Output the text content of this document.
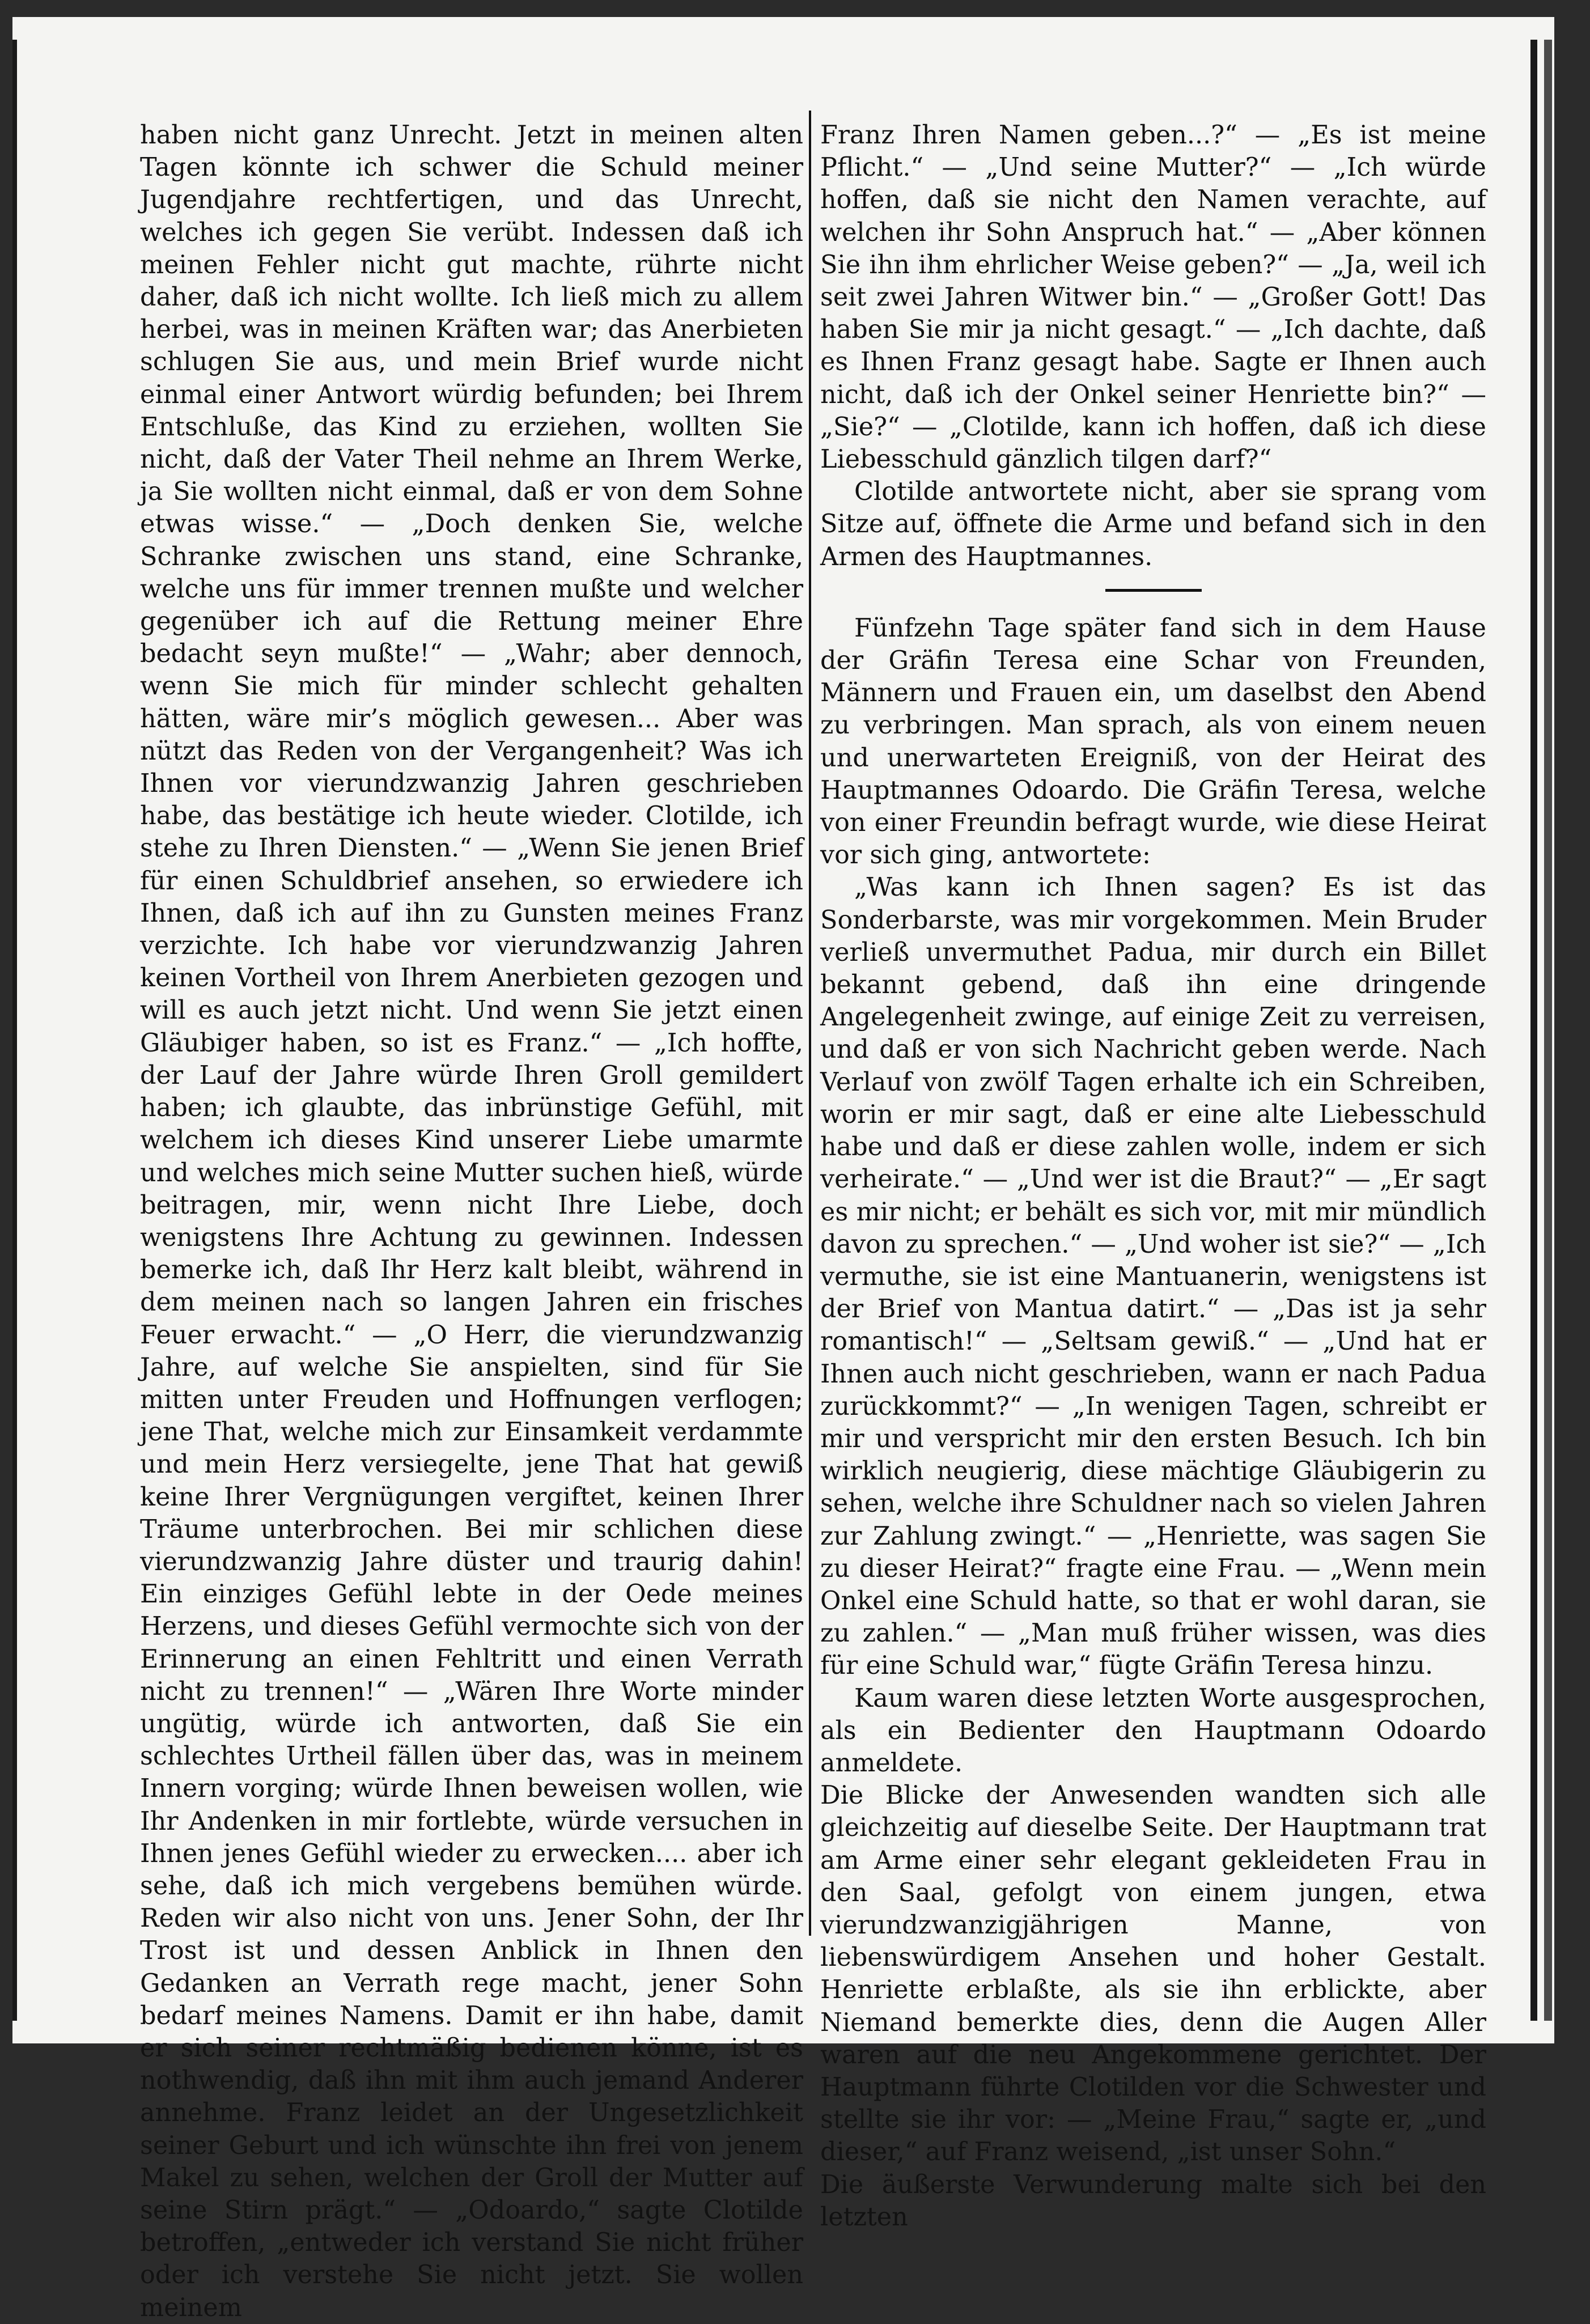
haben nicht ganz Unrecht. Jetzt in meinen alten Tagen könnte ich schwer die Schuld meiner Jugendjahre rechtfertigen, und das Unrecht, welches ich gegen Sie verübt. Indessen daß ich meinen Fehler nicht gut machte, rührte nicht daher, daß ich nicht wollte. Ich ließ mich zu allem herbei, was in meinen Kräften war; das Anerbieten schlugen Sie aus, und mein Brief wurde nicht einmal einer Antwort würdig befunden; bei Ihrem Entschluße, das Kind zu erziehen, wollten Sie nicht, daß der Vater Theil nehme an Ihrem Werke, ja Sie wollten nicht einmal, daß er von dem Sohne etwas wisse.“ — „Doch denken Sie, welche Schranke zwischen uns stand, eine Schranke, welche uns für immer trennen mußte und welcher gegenüber ich auf die Rettung meiner Ehre bedacht seyn mußte!“ — „Wahr; aber dennoch, wenn Sie mich für minder schlecht gehalten hätten, wäre mir’s möglich gewesen... Aber was nützt das Reden von der Vergangenheit? Was ich Ihnen vor vierundzwanzig Jahren geschrieben habe, das bestätige ich heute wieder. Clotilde, ich stehe zu Ihren Diensten.“ — „Wenn Sie jenen Brief für einen Schuldbrief ansehen, so erwiedere ich Ihnen, daß ich auf ihn zu Gunsten meines Franz verzichte. Ich habe vor vierundzwanzig Jahren keinen Vortheil von Ihrem Anerbieten gezogen und will es auch jetzt nicht. Und wenn Sie jetzt einen Gläubiger haben, so ist es Franz.“ — „Ich hoffte, der Lauf der Jahre würde Ihren Groll gemildert haben; ich glaubte, das inbrünstige Gefühl, mit welchem ich dieses Kind unserer Liebe umarmte und welches mich seine Mutter suchen hieß, würde beitragen, mir, wenn nicht Ihre Liebe, doch wenigstens Ihre Achtung zu gewinnen. Indessen bemerke ich, daß Ihr Herz kalt bleibt, während in dem meinen nach so langen Jahren ein frisches Feuer erwacht.“ — „O Herr, die vierundzwanzig Jahre, auf welche Sie anspielten, sind für Sie mitten unter Freuden und Hoffnungen verflogen; jene That, welche mich zur Einsamkeit verdammte und mein Herz versiegelte, jene That hat gewiß keine Ihrer Vergnügungen vergiftet, keinen Ihrer Träume unterbrochen. Bei mir schlichen diese vierundzwanzig Jahre düster und traurig dahin! Ein einziges Gefühl lebte in der Oede meines Herzens, und dieses Gefühl vermochte sich von der Erinnerung an einen Fehltritt und einen Verrath nicht zu trennen!“ — „Wären Ihre Worte minder ungütig, würde ich antworten, daß Sie ein schlechtes Urtheil fällen über das, was in meinem Innern vorging; würde Ihnen beweisen wollen, wie Ihr Andenken in mir fortlebte, würde versuchen in Ihnen jenes Gefühl wieder zu erwecken.... aber ich sehe, daß ich mich vergebens bemühen würde. Reden wir also nicht von uns. Jener Sohn, der Ihr Trost ist und dessen Anblick in Ihnen den Gedanken an Verrath rege macht, jener Sohn bedarf meines Namens. Damit er ihn habe, damit er sich seiner rechtmäßig bedienen könne, ist es nothwendig, daß ihn mit ihm auch jemand Anderer annehme. Franz leidet an der Ungesetzlichkeit seiner Geburt und ich wünschte ihn frei von jenem Makel zu sehen, welchen der Groll der Mutter auf seine Stirn prägt.“ — „Odoardo,“ sagte Clotilde betroffen, „entweder ich verstand Sie nicht früher oder ich verstehe Sie nicht jetzt. Sie wollen meinem

Franz Ihren Namen geben...?“ — „Es ist meine Pflicht.“ — „Und seine Mutter?“ — „Ich würde hoffen, daß sie nicht den Namen verachte, auf welchen ihr Sohn Anspruch hat.“ — „Aber können Sie ihn ihm ehrlicher Weise geben?“ — „Ja, weil ich seit zwei Jahren Witwer bin.“ — „Großer Gott! Das haben Sie mir ja nicht gesagt.“ — „Ich dachte, daß es Ihnen Franz gesagt habe. Sagte er Ihnen auch nicht, daß ich der Onkel seiner Henriette bin?“ — „Sie?“ — „Clotilde, kann ich hoffen, daß ich diese Liebesschuld gänzlich tilgen darf?“

Clotilde antwortete nicht, aber sie sprang vom Sitze auf, öffnete die Arme und befand sich in den Armen des Hauptmannes.

Fünfzehn Tage später fand sich in dem Hause der Gräfin Teresa eine Schar von Freunden, Männern und Frauen ein, um daselbst den Abend zu verbringen. Man sprach, als von einem neuen und unerwarteten Ereigniß, von der Heirat des Hauptmannes Odoardo. Die Gräfin Teresa, welche von einer Freundin befragt wurde, wie diese Heirat vor sich ging, antwortete:

„Was kann ich Ihnen sagen? Es ist das Sonderbarste, was mir vorgekommen. Mein Bruder verließ unvermuthet Padua, mir durch ein Billet bekannt gebend, daß ihn eine dringende Angelegenheit zwinge, auf einige Zeit zu verreisen, und daß er von sich Nachricht geben werde. Nach Verlauf von zwölf Tagen erhalte ich ein Schreiben, worin er mir sagt, daß er eine alte Liebesschuld habe und daß er diese zahlen wolle, indem er sich verheirate.“ — „Und wer ist die Braut?“ — „Er sagt es mir nicht; er behält es sich vor, mit mir mündlich davon zu sprechen.“ — „Und woher ist sie?“ — „Ich vermuthe, sie ist eine Mantuanerin, wenigstens ist der Brief von Mantua datirt.“ — „Das ist ja sehr romantisch!“ — „Seltsam gewiß.“ — „Und hat er Ihnen auch nicht geschrieben, wann er nach Padua zurückkommt?“ — „In wenigen Tagen, schreibt er mir und verspricht mir den ersten Besuch. Ich bin wirklich neugierig, diese mächtige Gläubigerin zu sehen, welche ihre Schuldner nach so vielen Jahren zur Zahlung zwingt.“ — „Henriette, was sagen Sie zu dieser Heirat?“ fragte eine Frau. — „Wenn mein Onkel eine Schuld hatte, so that er wohl daran, sie zu zahlen.“ — „Man muß früher wissen, was dies für eine Schuld war,“ fügte Gräfin Teresa hinzu.

Kaum waren diese letzten Worte ausgesprochen, als ein Bedienter den Hauptmann Odoardo anmeldete.

Die Blicke der Anwesenden wandten sich alle gleichzeitig auf dieselbe Seite. Der Hauptmann trat am Arme einer sehr elegant gekleideten Frau in den Saal, gefolgt von einem jungen, etwa vierundzwanzigjährigen Manne, von liebenswürdigem Ansehen und hoher Gestalt. Henriette erblaßte, als sie ihn erblickte, aber Niemand bemerkte dies, denn die Augen Aller waren auf die neu Angekommene gerichtet. Der Hauptmann führte Clotilden vor die Schwester und stellte sie ihr vor: — „Meine Frau,“ sagte er, „und dieser,“ auf Franz weisend, „ist unser Sohn.“

Die äußerste Verwunderung malte sich bei den letzten
